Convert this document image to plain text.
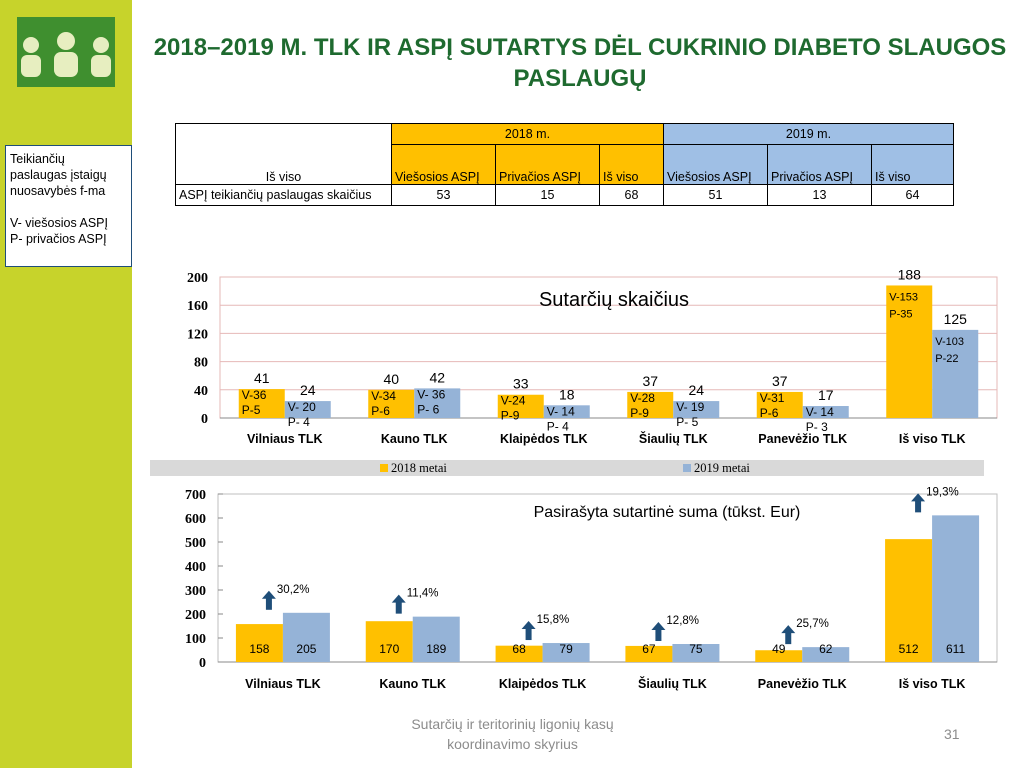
Teikiančių
paslaugas įstaigų
nuosavybės f-ma

V- viešosios ASPĮ
P- privačios ASPĮ
2018–2019 M. TLK IR ASPĮ SUTARTYS DĖL CUKRINIO DIABETO SLAUGOS
PASLAUGŲ
Iš viso	2018 m.			2019 m.		
	Viešosios ASPĮ	Privačios ASPĮ	Iš viso	Viešosios ASPĮ	Privačios ASPĮ	Iš viso
ASPĮ teikiančių paslaugas skaičius	53	15	68	51	13	64
0
40
80
120
160
200
Sutarčių skaičius
Vilniaus TLK
41
V-36
P-5
24
V- 20
P- 4
Kauno TLK
40
V-34
P-6
42
V- 36
P- 6
Klaipėdos TLK
33
V-24
P-9
18
V- 14
P- 4
Šiaulių TLK
37
V-28
P-9
24
V- 19
P- 5
Panevėžio TLK
37
V-31
P-6
17
V- 14
P- 3
Iš viso TLK
188
V-153
P-35 125
V-103
P-22
2018 metai	2019 metai
0
100
200
300
400
500
600
700
Pasirašyta sutartinė suma (tūkst. Eur)
Vilniaus TLK
158 205
30,2%
Kauno TLK
170 189
11,4%
Klaipėdos TLK
68	79
15,8%
Šiaulių TLK
67	75
12,8%
Panevėžio TLK
49	62
25,7%
Iš viso TLK
512 611
19,3%
Sutarčių ir teritorinių ligonių kasų
koordinavimo skyrius
31
